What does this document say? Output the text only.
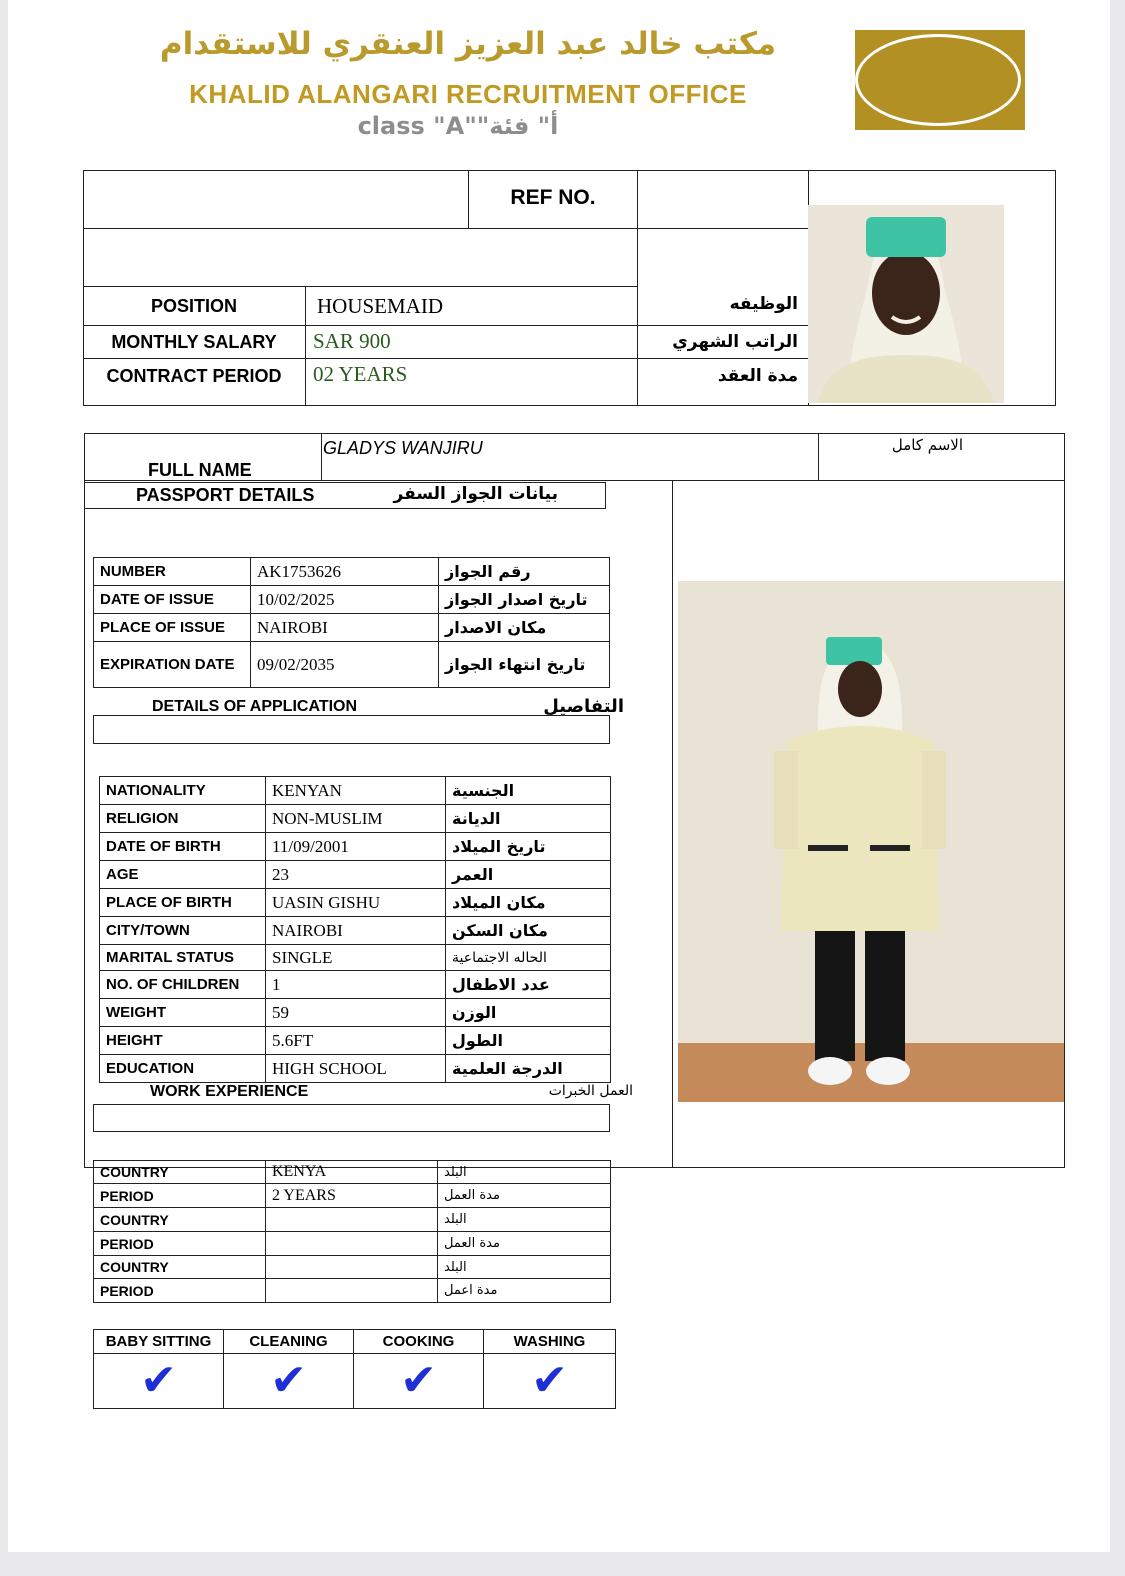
مكتب خالد عبد العزيز العنقري للاستقدام
KHALID ALANGARI RECRUITMENT OFFICE
class "A""أ" فئة
REF NO.
POSITION	HOUSEMAID	الوظيفه
MONTHLY SALARY	SAR 900	الراتب الشهري
CONTRACT PERIOD	02 YEARS	مدة العقد
FULL NAME
GLADYS WANJIRU	الاسم كامل
PASSPORT DETAILS	بيانات الجواز السفر
NUMBER	AK1753626	رقم الجواز
DATE OF ISSUE	10/02/2025	تاريخ اصدار الجواز
PLACE OF ISSUE	NAIROBI	مكان الاصدار
EXPIRATION DATE	09/02/2035	تاريخ انتهاء الجواز
DETAILS OF APPLICATION	التفاصيل
NATIONALITY	KENYAN	الجنسية
RELIGION	NON-MUSLIM	الديانة
DATE OF BIRTH	11/09/2001	تاريخ الميلاد
AGE	23	العمر
PLACE OF BIRTH	UASIN GISHU	مكان الميلاد
CITY/TOWN	NAIROBI	مكان السكن
MARITAL STATUS	SINGLE	الحاله الاجتماعية
NO. OF CHILDREN	1	عدد الاطفال
WEIGHT	59	الوزن
HEIGHT	5.6FT	الطول
EDUCATION	HIGH SCHOOL	الدرجة العلمية
WORK EXPERIENCE	العمل الخبرات
COUNTRY	KENYA	البلد
PERIOD	2 YEARS	مدة العمل
COUNTRY		البلد
PERIOD		مدة العمل
COUNTRY		البلد
PERIOD		مدة اعمل
BABY SITTING	CLEANING	COOKING	WASHING
✔	✔	✔	✔
